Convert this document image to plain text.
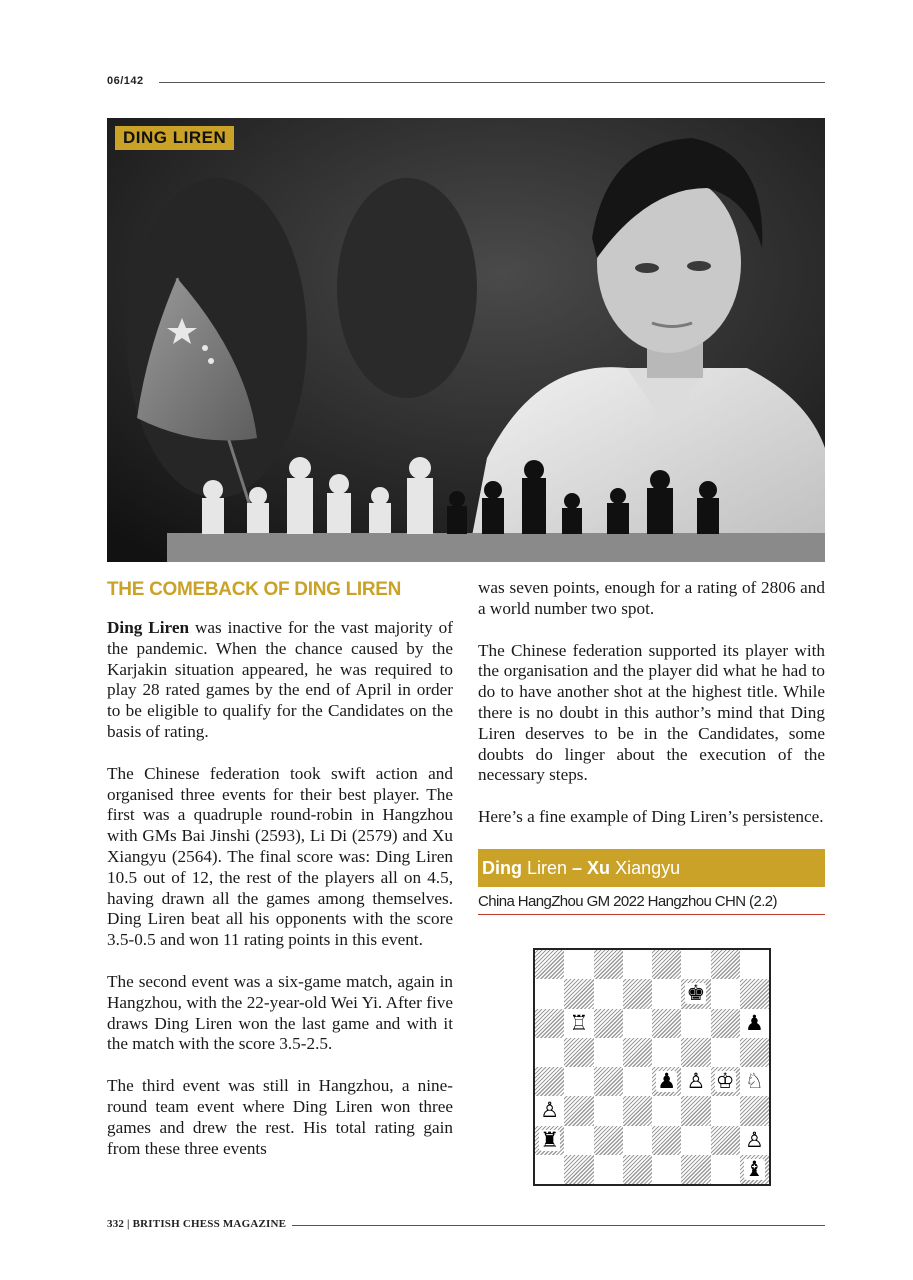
06/142
DING LIREN
THE COMEBACK OF DING LIREN

Ding Liren was inactive for the vast majority of the pandemic. When the chance caused by the Karjakin situation appeared, he was required to play 28 rated games by the end of April in order to be eligible to qualify for the Candidates on the basis of rating.

The Chinese federation took swift action and organised three events for their best player. The first was a quadruple round-robin in Hangzhou with GMs Bai Jinshi (2593), Li Di (2579) and Xu Xiangyu (2564). The final score was: Ding Liren 10.5 out of 12, the rest of the players all on 4.5, having drawn all the games among themselves. Ding Liren beat all his opponents with the score 3.5-0.5 and won 11 rating points in this event.

The second event was a six-game match, again in Hangzhou, with the 22-year-old Wei Yi. After five draws Ding Liren won the last game and with it the match with the score 3.5-2.5.

The third event was still in Hangzhou, a nine-round team event where Ding Liren won three games and drew the rest. His total rating gain from these three events

was seven points, enough for a rating of 2806 and a world number two spot.

The Chinese federation supported its player with the organisation and the player did what he had to do to have another shot at the highest title. While there is no doubt in this author’s mind that Ding Liren deserves to be in the Candidates, some doubts do linger about the execution of the necessary steps.

Here’s a fine example of Ding Liren’s persistence.

Ding Liren – Xu Xiangyu
China HangZhou GM 2022 Hangzhou CHN (2.2)
♚
♖	♟
♟ ♙ ♔ ♘
♙
♜	♙
♝
332 | BRITISH CHESS MAGAZINE
